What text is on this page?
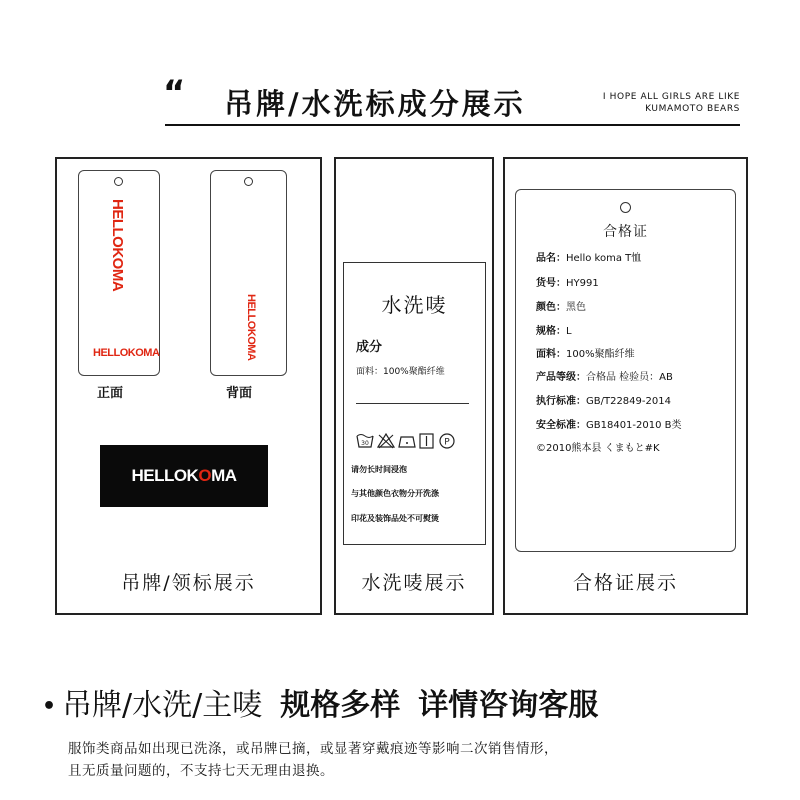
“ 吊牌/水洗标成分展示	I HOPE ALL GIRLS ARE LIKE
KUMAMOTO BEARS
HELLOKOMA
HELLOKOMA	HELLOKOMA
正面	背面
HELLOKOMA
吊牌/领标展示
水洗唛
成分
面料：100%聚酯纤维
30	P
请勿长时间浸泡
与其他颜色衣物分开洗涤
印花及装饰品处不可熨烫
水洗唛展示
合格证
品名：Hello koma T恤
货号：HY991
颜色：黑色
规格：L
面料：100%聚酯纤维
产品等级：合格品 检验员：AB
执行标准：GB/T22849-2014
安全标准：GB18401-2010 B类
©2010熊本县 くまもと#K
合格证展示
• 吊牌/水洗/主唛 规格多样 详情咨询客服
服饰类商品如出现已洗涤，或吊牌已摘，或显著穿戴痕迹等影响二次销售情形，
且无质量问题的，不支持七天无理由退换。
